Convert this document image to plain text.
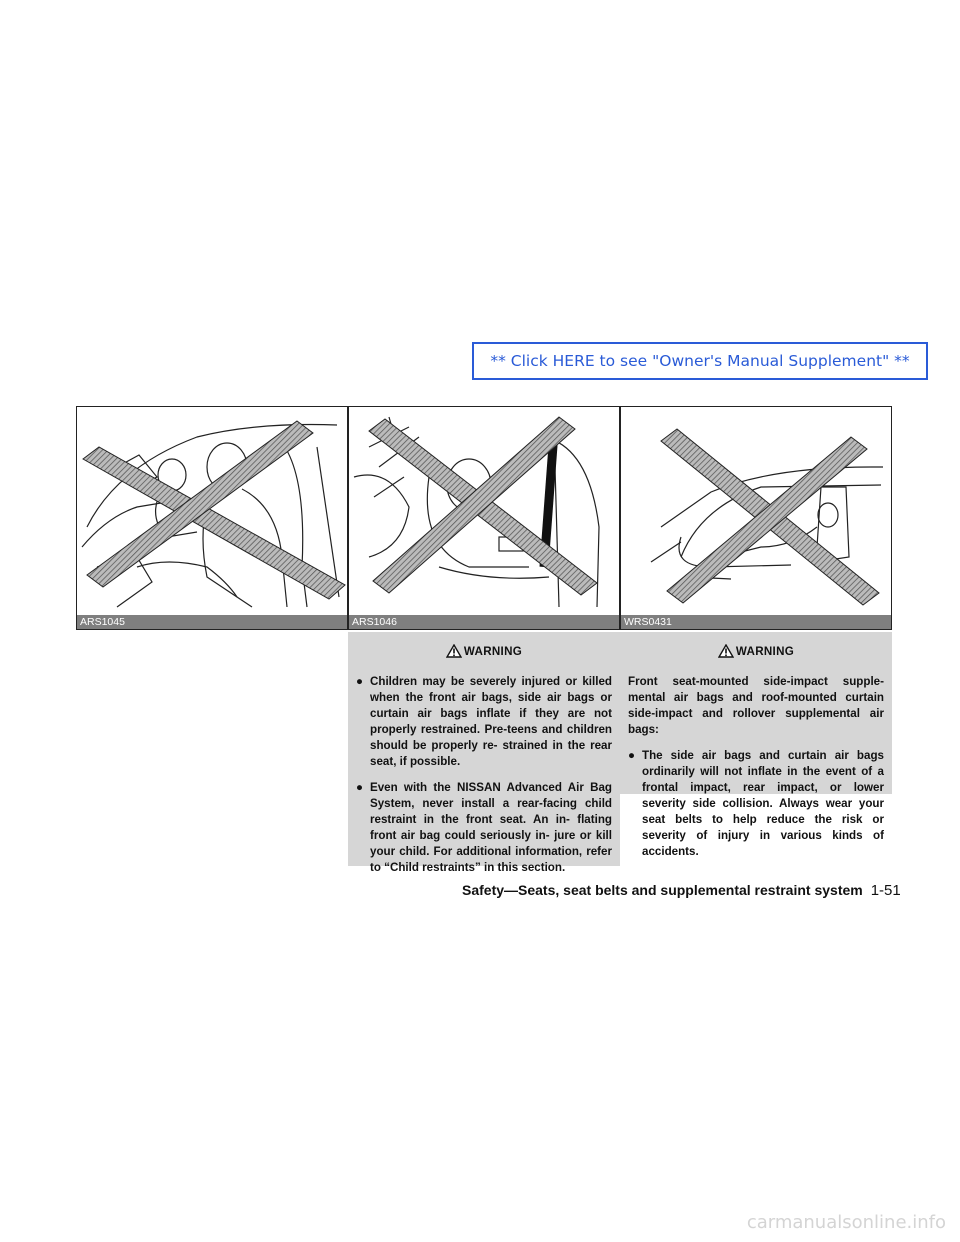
** Click HERE to see "Owner's Manual Supplement" **
ARS1045	ARS1046	WRS0431
WARNING
● Children may be severely injured or killed when the front air bags, side air bags or curtain air bags inflate if they are not properly restrained. Pre-teens and children should be properly re- strained in the rear seat, if possible.
● Even with the NISSAN Advanced Air Bag System, never install a rear-facing child restraint in the front seat. An in- flating front air bag could seriously in- jure or kill your child. For additional information, refer to “Child restraints” in this section.
WARNING
Front seat-mounted side-impact supple- mental air bags and roof-mounted curtain side-impact and rollover supplemental air bags:
● The side air bags and curtain air bags ordinarily will not inflate in the event of a frontal impact, rear impact, or lower severity side collision. Always wear your seat belts to help reduce the risk or severity of injury in various kinds of accidents.
Safety—Seats, seat belts and supplemental restraint system 1-51
carmanualsonline.info
